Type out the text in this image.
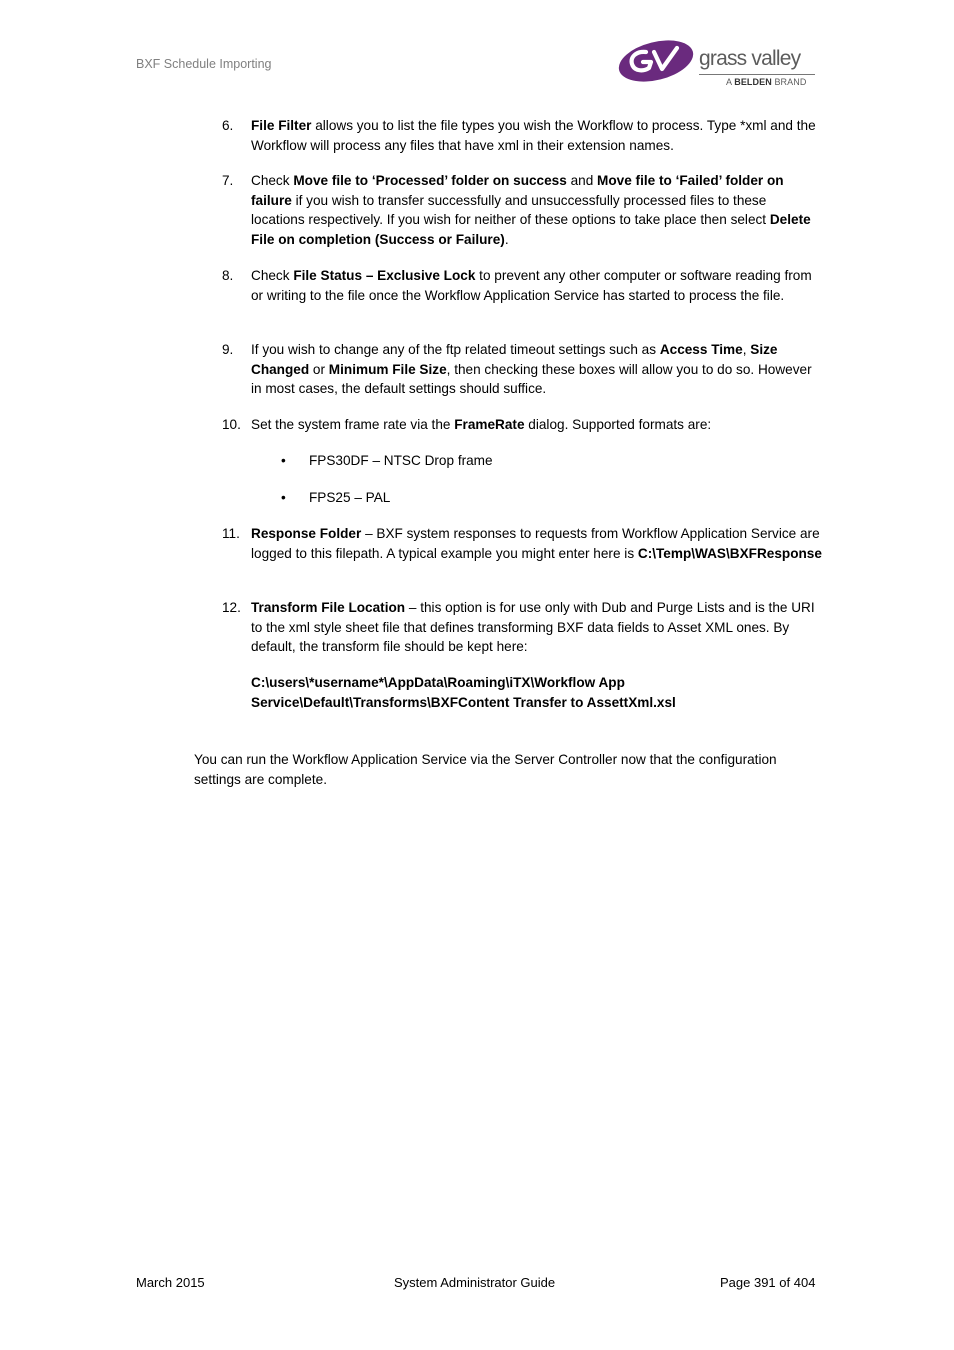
BXF Schedule Importing	grass valley
A BELDEN BRAND
6. File Filter allows you to list the file types you wish the Workflow to process. Type *xml and the Workflow will process any files that have xml in their extension names.
7. Check Move file to ‘Processed’ folder on success and Move file to ‘Failed’ folder on failure if you wish to transfer successfully and unsuccessfully processed files to these locations respectively. If you wish for neither of these options to take place then select Delete File on completion (Success or Failure).
8. Check File Status – Exclusive Lock to prevent any other computer or software reading from or writing to the file once the Workflow Application Service has started to process the file.
9. If you wish to change any of the ftp related timeout settings such as Access Time, Size Changed or Minimum File Size, then checking these boxes will allow you to do so. However in most cases, the default settings should suffice.
10. Set the system frame rate via the FrameRate dialog. Supported formats are:
• FPS30DF – NTSC Drop frame
• FPS25 – PAL
11. Response Folder – BXF system responses to requests from Workflow Application Service are logged to this filepath. A typical example you might enter here is C:\Temp\WAS\BXFResponse
12. Transform File Location – this option is for use only with Dub and Purge Lists and is the URI to the xml style sheet file that defines transforming BXF data fields to Asset XML ones. By default, the transform file should be kept here:
C:\users\*username*\AppData\Roaming\iTX\Workflow App
Service\Default\Transforms\BXFContent Transfer to AssettXml.xsl
You can run the Workflow Application Service via the Server Controller now that the configuration settings are complete.
March 2015	System Administrator Guide	Page 391 of 404
